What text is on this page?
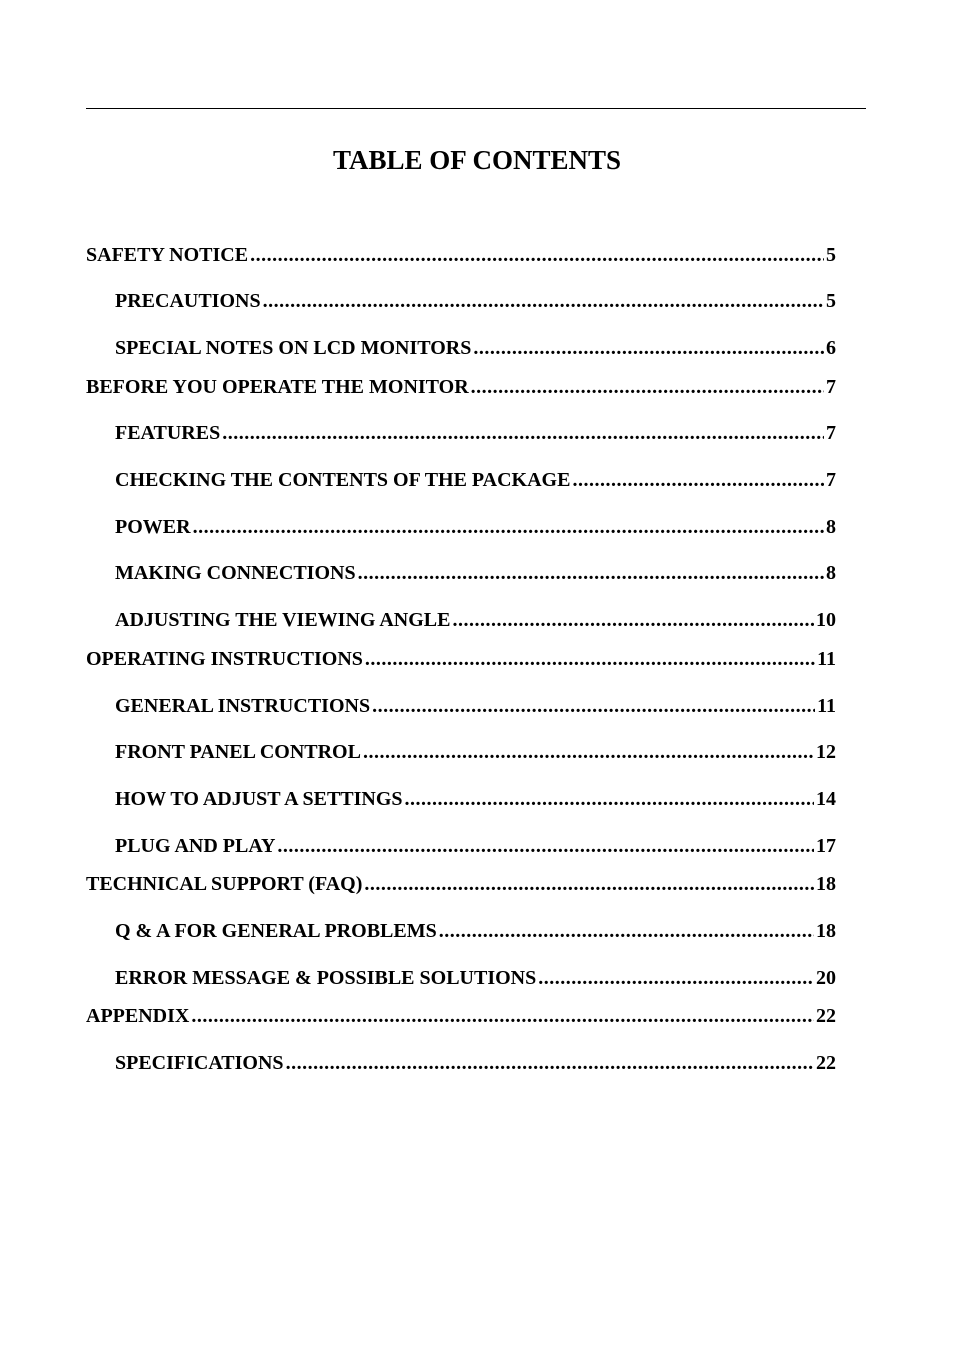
TABLE OF CONTENTS
SAFETY NOTICE .....	5
PRECAUTIONS .....	5
SPECIAL NOTES ON LCD MONITORS .....	6
BEFORE YOU OPERATE THE MONITOR .....	7
FEATURES .....	7
CHECKING THE CONTENTS OF THE PACKAGE .....	7
POWER .....	8
MAKING CONNECTIONS .....	8
ADJUSTING THE VIEWING ANGLE .....	10
OPERATING INSTRUCTIONS .....	11
GENERAL INSTRUCTIONS .....	11
FRONT PANEL CONTROL .....	12
HOW TO ADJUST A SETTINGS .....	14
PLUG AND PLAY .....	17
TECHNICAL SUPPORT (FAQ) .....	18
Q & A FOR GENERAL PROBLEMS .....	18
ERROR MESSAGE & POSSIBLE SOLUTIONS .....	20
APPENDIX .....	22
SPECIFICATIONS .....	22
